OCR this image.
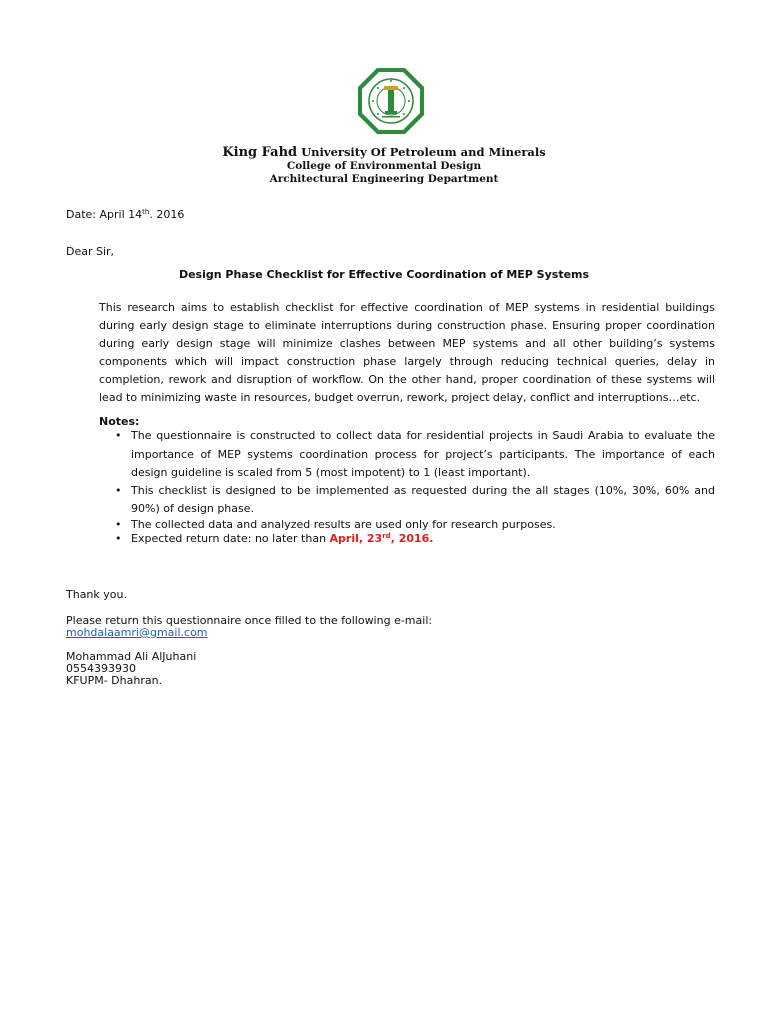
King Fahd University Of Petroleum and Minerals
College of Environmental Design
Architectural Engineering Department
Date: April 14th. 2016
Dear Sir,
Design Phase Checklist for Effective Coordination of MEP Systems
This research aims to establish checklist for effective coordination of MEP systems in residential buildings during early design stage to eliminate interruptions during construction phase. Ensuring proper coordination during early design stage will minimize clashes between MEP systems and all other building’s systems components which will impact construction phase largely through reducing technical queries, delay in completion, rework and disruption of workflow. On the other hand, proper coordination of these systems will lead to minimizing waste in resources, budget overrun, rework, project delay, conflict and interruptions…etc.
Notes:
• The questionnaire is constructed to collect data for residential projects in Saudi Arabia to evaluate the importance of MEP systems coordination process for project’s participants. The importance of each design guideline is scaled from 5 (most impotent) to 1 (least important).
• This checklist is designed to be implemented as requested during the all stages (10%, 30%, 60% and 90%) of design phase.
• The collected data and analyzed results are used only for research purposes.
• Expected return date: no later than April, 23rd, 2016.
Thank you.
Please return this questionnaire once filled to the following e-mail:
mohdalaamri@gmail.com
Mohammad Ali AlJuhani
0554393930
KFUPM- Dhahran.
